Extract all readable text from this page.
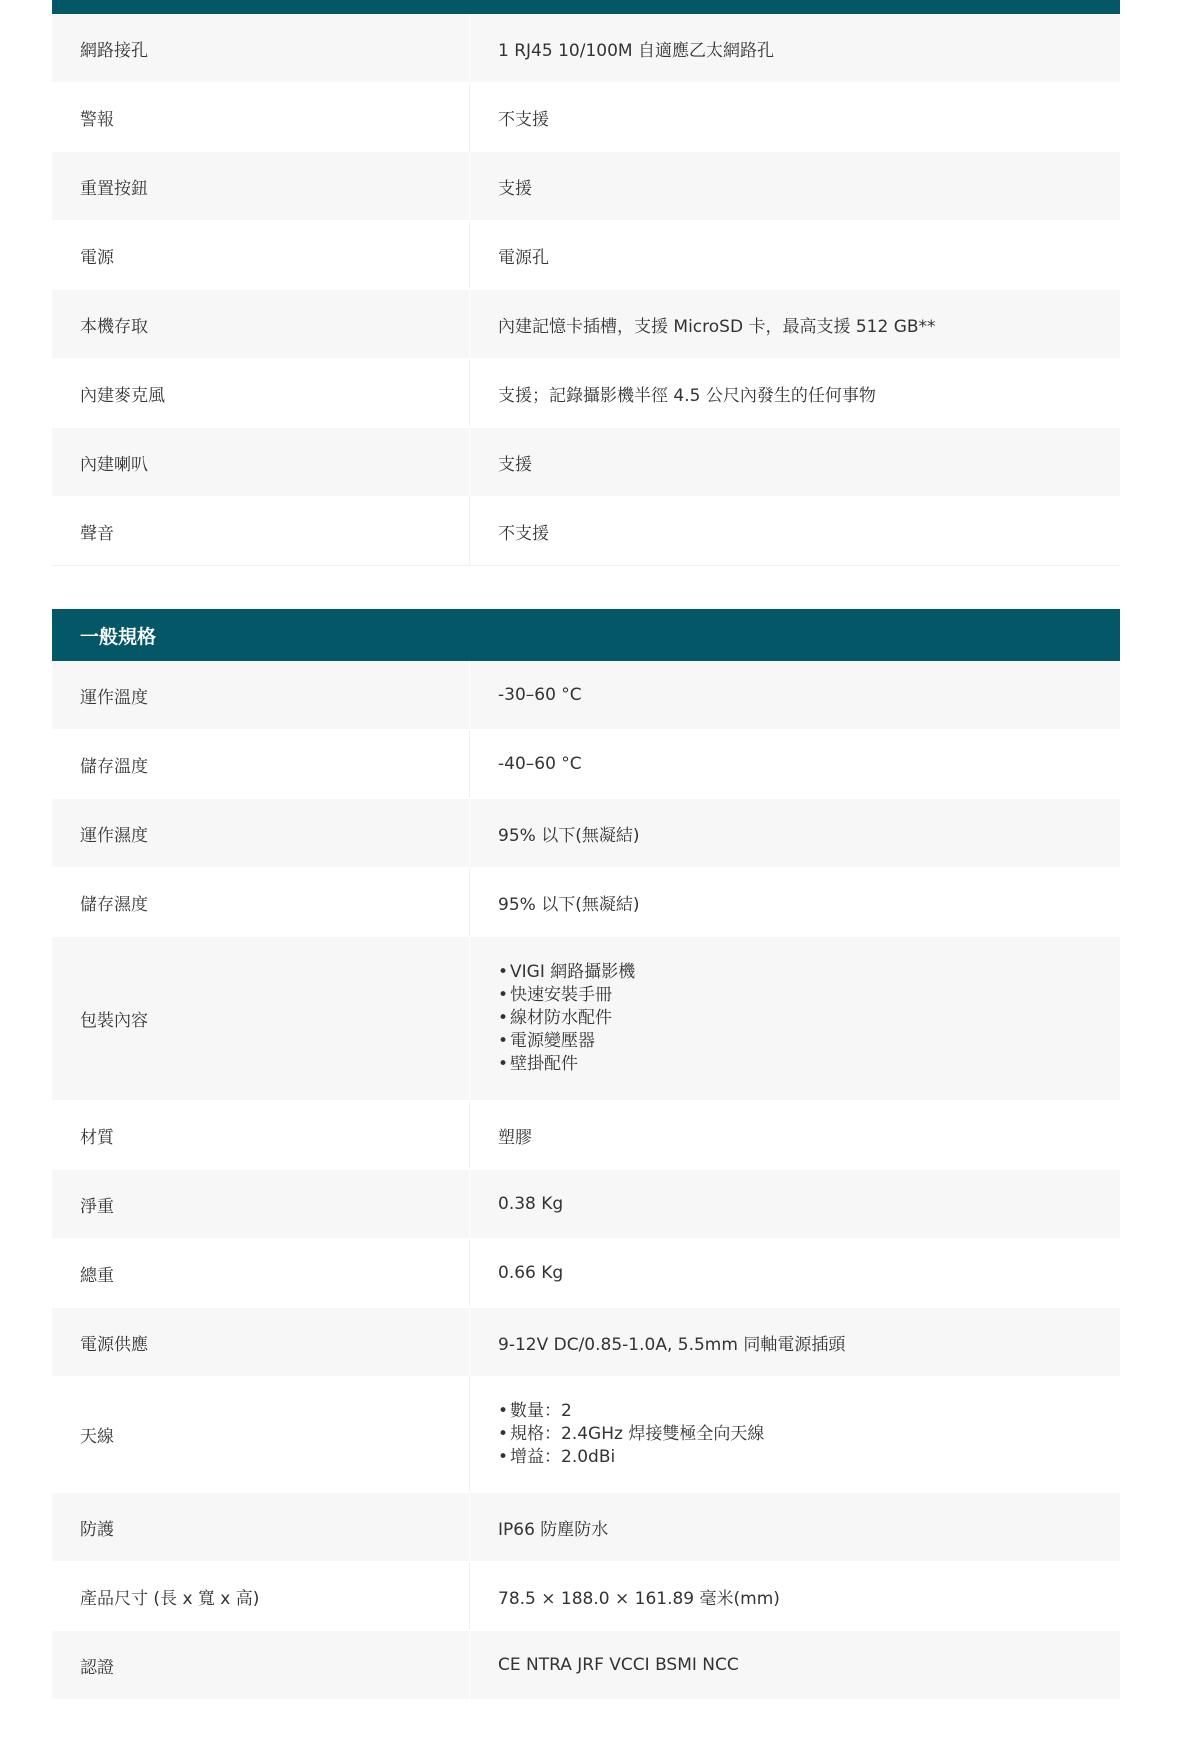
網路接孔	1 RJ45 10/100M 自適應乙太網路孔
警報	不支援
重置按鈕	支援
電源	電源孔
本機存取	內建記憶卡插槽，支援 MicroSD 卡，最高支援 512 GB**
內建麥克風	支援；記錄攝影機半徑 4.5 公尺內發生的任何事物
內建喇叭	支援
聲音	不支援
一般規格
運作溫度	-30–60 °C
儲存溫度	-40–60 °C
運作濕度	95% 以下(無凝結)
儲存濕度	95% 以下(無凝結)
包裝內容
• VIGI 網路攝影機
• 快速安裝手冊
• 線材防水配件
• 電源變壓器
• 壁掛配件
材質	塑膠
淨重	0.38 Kg
總重	0.66 Kg
電源供應	9-12V DC/0.85-1.0A, 5.5mm 同軸電源插頭
天線
• 數量：2
• 規格：2.4GHz 焊接雙極全向天線
• 增益：2.0dBi
防護	IP66 防塵防水
產品尺寸 (長 x 寬 x 高)	78.5 × 188.0 × 161.89 毫米(mm)
認證	CE NTRA JRF VCCI BSMI NCC
